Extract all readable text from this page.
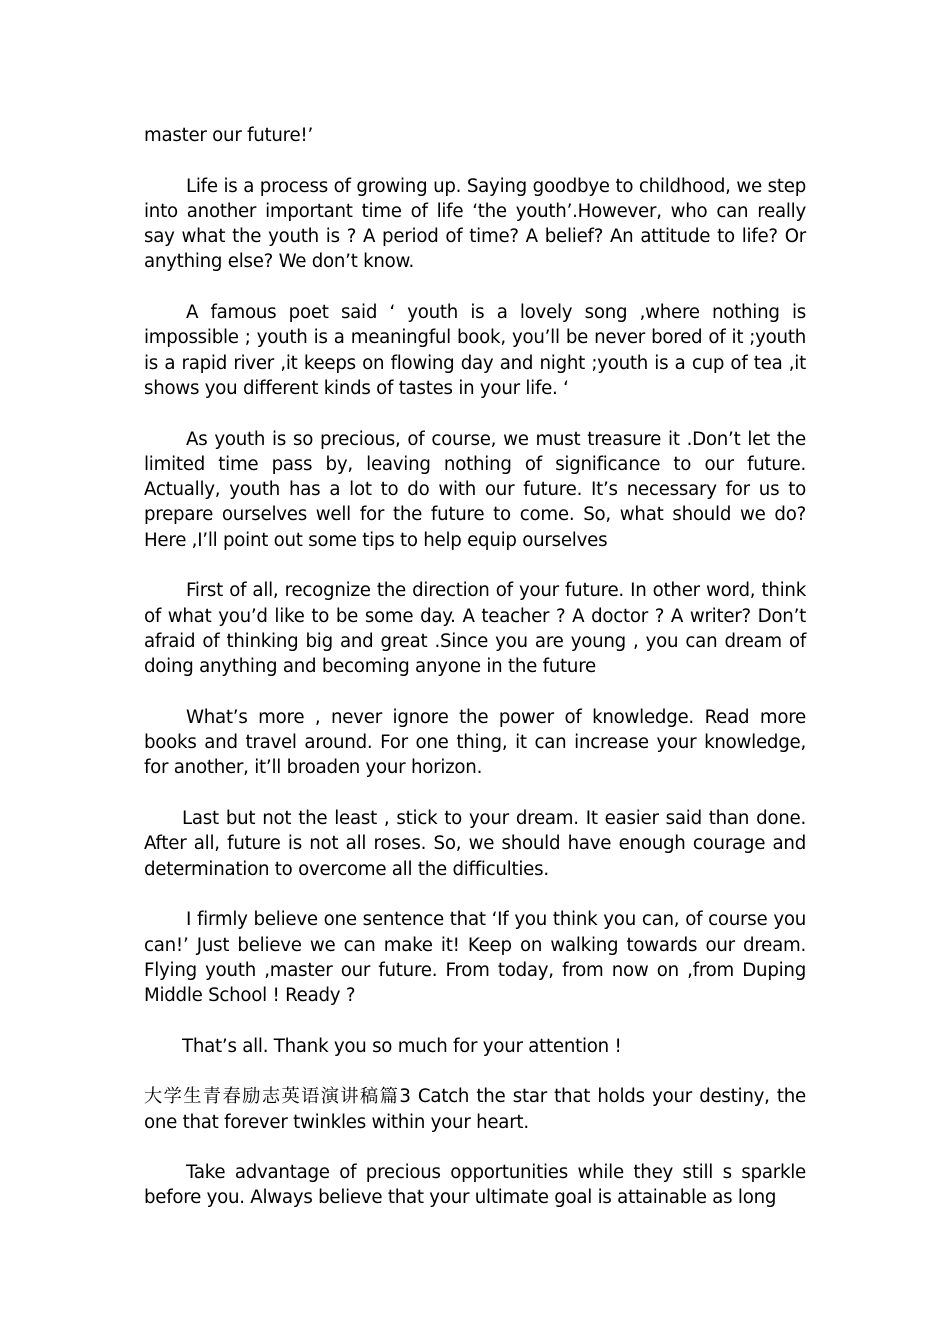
master our future!’

Life is a process of growing up. Saying goodbye to childhood, we step into another important time of life ‘the youth’.However, who can really say what the youth is ? A period of time? A belief? An attitude to life? Or anything else? We don’t know.

A famous poet said ‘ youth is a lovely song ,where nothing is impossible ; youth is a meaningful book, you’ll be never bored of it ;youth is a rapid river ,it keeps on flowing day and night ;youth is a cup of tea ,it shows you different kinds of tastes in your life. ‘

As youth is so precious, of course, we must treasure it .Don’t let the limited time pass by, leaving nothing of significance to our future. Actually, youth has a lot to do with our future. It’s necessary for us to prepare ourselves well for the future to come. So, what should we do? Here ,I’ll point out some tips to help equip ourselves

First of all, recognize the direction of your future. In other word, think of what you’d like to be some day. A teacher ? A doctor ? A writer? Don’t afraid of thinking big and great .Since you are young , you can dream of doing anything and becoming anyone in the future

What’s more , never ignore the power of knowledge. Read more books and travel around. For one thing, it can increase your knowledge, for another, it’ll broaden your horizon.

Last but not the least , stick to your dream. It easier said than done. After all, future is not all roses. So, we should have enough courage and determination to overcome all the difficulties.

I firmly believe one sentence that ‘If you think you can, of course you can!’ Just believe we can make it! Keep on walking towards our dream. Flying youth ,master our future. From today, from now on ,from Duping Middle School ! Ready ?

That’s all. Thank you so much for your attention !

大学生青春励志英语演讲稿篇3 Catch the star that holds your destiny, the one that forever twinkles within your heart.

Take advantage of precious opportunities while they still s sparkle before you. Always believe that your ultimate goal is attainable as long
